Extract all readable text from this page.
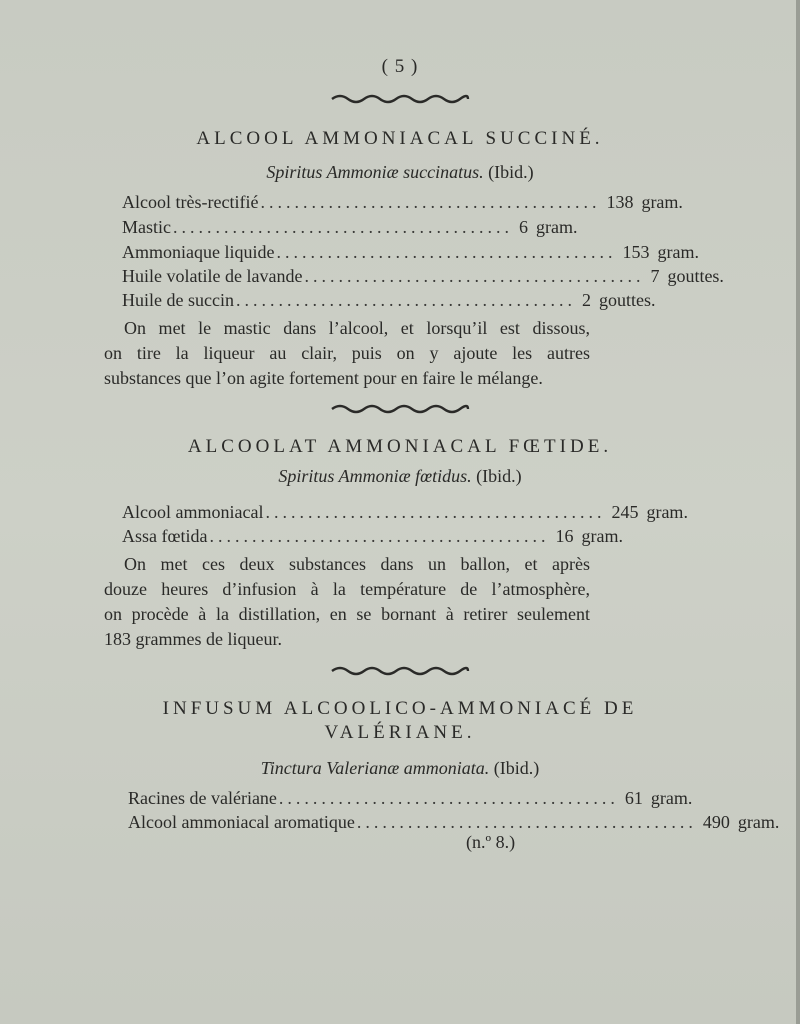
( 5 )
ALCOOL AMMONIACAL SUCCINÉ.
Spiritus Ammoniæ succinatus. (Ibid.)
Alcool très-rectifié ........................................ 138 gram.
Mastic ........................................ 6 gram.
Ammoniaque liquide ........................................ 153 gram.
Huile volatile de lavande ........................................ 7 gouttes.
Huile de succin ........................................ 2 gouttes.
On met le mastic dans l’alcool, et lorsqu’il est dissous,
on tire la liqueur au clair, puis on y ajoute les autres
substances que l’on agite fortement pour en faire le mélange.
ALCOOLAT AMMONIACAL FŒTIDE.
Spiritus Ammoniæ fœtidus. (Ibid.)
Alcool ammoniacal ........................................ 245 gram.
Assa fœtida ........................................ 16 gram.
On met ces deux substances dans un ballon, et après
douze heures d’infusion à la température de l’atmosphère,
on procède à la distillation, en se bornant à retirer seulement
183 grammes de liqueur.
INFUSUM ALCOOLICO-AMMONIACÉ DE
VALÉRIANE.
Tinctura Valerianæ ammoniata. (Ibid.)
Racines de valériane ........................................ 61 gram.
Alcool ammoniacal aromatique ........................................ 490 gram.
(n.º 8.)
